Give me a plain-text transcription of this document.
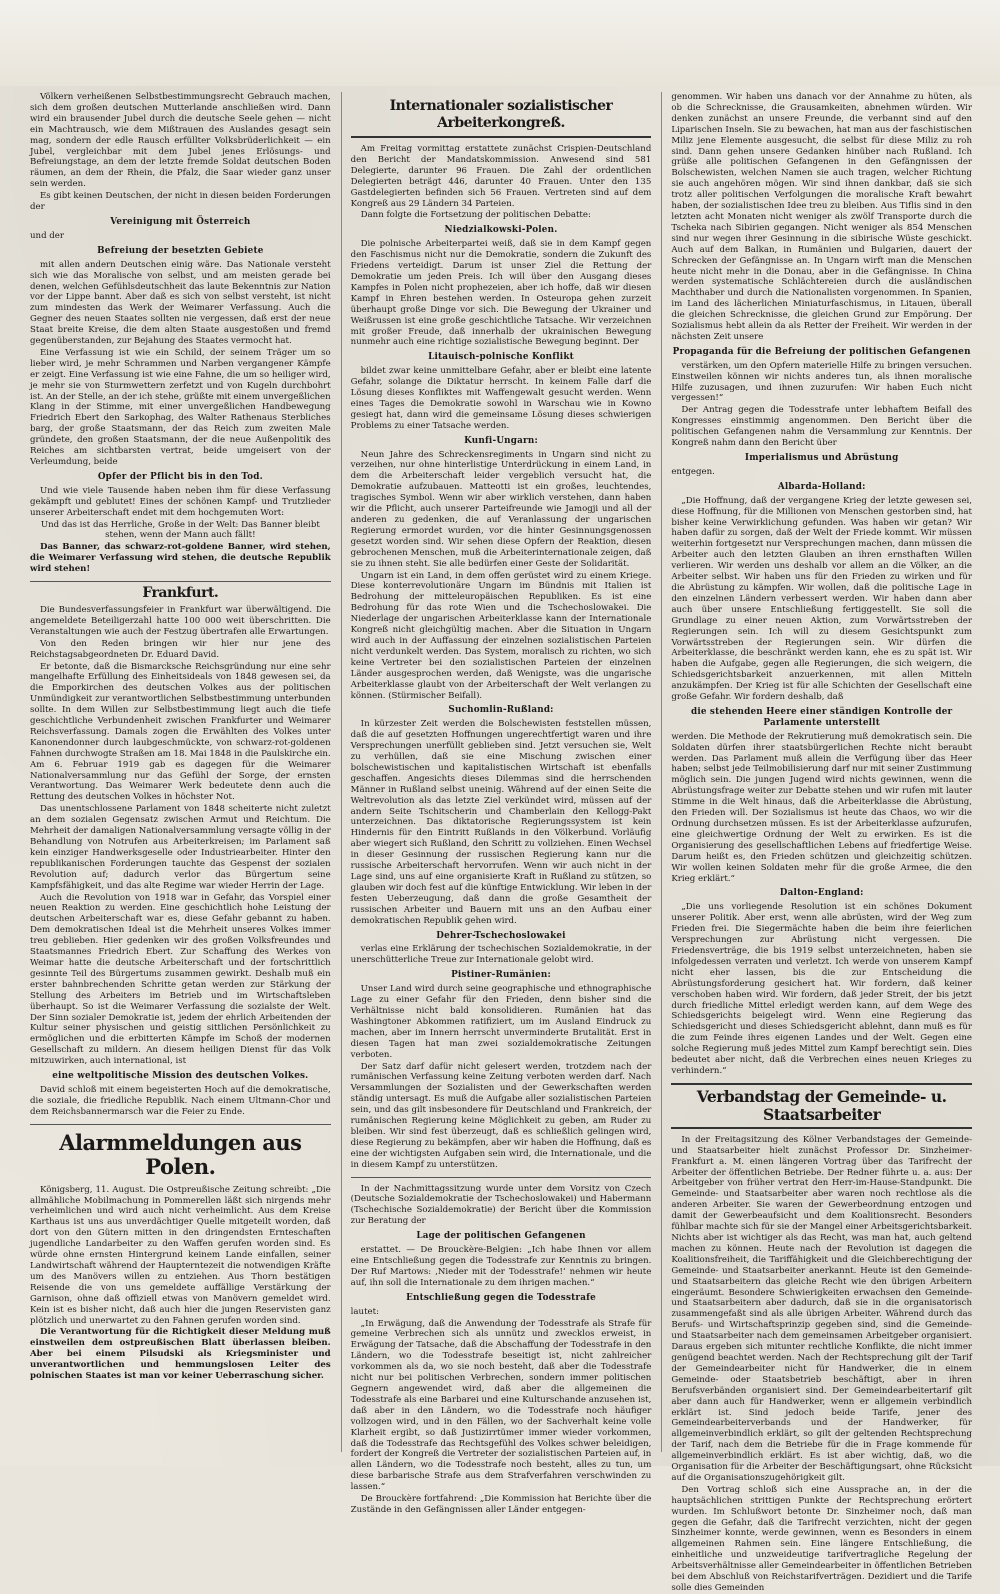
Völkern verheißenen Selbstbestimmungsrecht Gebrauch machen, sich dem großen deutschen Mutterlande anschließen wird. Dann wird ein brausender Jubel durch die deutsche Seele gehen — nicht ein Machtrausch, wie dem Mißtrauen des Auslandes gesagt sein mag, sondern der edle Rausch erfüllter Volksbrüderlichkeit — ein Jubel, vergleichbar mit dem Jubel jenes Erlösungs- und Befreiungstage, an dem der letzte fremde Soldat deutschen Boden räumen, an dem der Rhein, die Pfalz, die Saar wieder ganz unser sein werden.

Es gibt keinen Deutschen, der nicht in diesen beiden Forderungen der

Vereinigung mit Österreich

und der

Befreiung der besetzten Gebiete

mit allen andern Deutschen einig wäre. Das Nationale versteht sich wie das Moralische von selbst, und am meisten gerade bei denen, welchen Gefühlsdeutschheit das laute Bekenntnis zur Nation vor der Lippe bannt. Aber daß es sich von selbst versteht, ist nicht zum mindesten das Werk der Weimarer Verfassung. Auch die Gegner des neuen Staates sollten nie vergessen, daß erst der neue Staat breite Kreise, die dem alten Staate ausgestoßen und fremd gegenüberstanden, zur Bejahung des Staates vermocht hat.

Eine Verfassung ist wie ein Schild, der seinem Träger um so lieber wird, je mehr Schrammen und Narben vergangener Kämpfe er zeigt. Eine Verfassung ist wie eine Fahne, die um so heiliger wird, je mehr sie von Sturmwettern zerfetzt und von Kugeln durchbohrt ist. An der Stelle, an der ich stehe, grüßte mit einem unvergeßlichen Klang in der Stimme, mit einer unvergeßlichen Handbewegung Friedrich Ebert den Sarkophag, des Walter Rathenaus Sterbliches barg, der große Staatsmann, der das Reich zum zweiten Male gründete, den großen Staatsmann, der die neue Außenpolitik des Reiches am sichtbarsten vertrat, beide umgeisert von der Verleumdung, beide

Opfer der Pflicht bis in den Tod.

Und wie viele Tausende haben neben ihm für diese Verfassung gekämpft und geblutet! Eines der schönen Kampf- und Trutzlieder unserer Arbeiterschaft endet mit dem hochgemuten Wort:

Und das ist das Herrliche, Große in der Welt: Das Banner bleibt stehen, wenn der Mann auch fällt!

Das Banner, das schwarz-rot-goldene Banner, wird stehen, die Weimarer Verfassung wird stehen, die deutsche Republik wird stehen!

Frankfurt.

Die Bundesverfassungsfeier in Frankfurt war überwältigend. Die angemeldete Beteiligerzahl hatte 100 000 weit überschritten. Die Veranstaltungen wie auch der Festzug übertrafen alle Erwartungen.

Von den Reden bringen wir hier nur jene des Reichstagsabgeordneten Dr. Eduard David.

Er betonte, daß die Bismarcksche Reichsgründung nur eine sehr mangelhafte Erfüllung des Einheitsideals von 1848 gewesen sei, da die Emporkirchen des deutschen Volkes aus der politischen Unmündigkeit zur verantwortlichen Selbstbestimmung unterbunden sollte. In dem Willen zur Selbstbestimmung liegt auch die tiefe geschichtliche Verbundenheit zwischen Frankfurter und Weimarer Reichsverfassung. Damals zogen die Erwählten des Volkes unter Kanonendonner durch laubgeschmückte, von schwarz-rot-goldenen Fahnen durchwogte Straßen am 18. Mai 1848 in die Paulskirche ein. Am 6. Februar 1919 gab es dagegen für die Weimarer Nationalversammlung nur das Gefühl der Sorge, der ernsten Verantwortung. Das Weimarer Werk bedeutete denn auch die Rettung des deutschen Volkes in höchster Not.

Das unentschlossene Parlament von 1848 scheiterte nicht zuletzt an dem sozialen Gegensatz zwischen Armut und Reichtum. Die Mehrheit der damaligen Nationalversammlung versagte völlig in der Behandlung von Notrufen aus Arbeiterkreisen; im Parlament saß kein einziger Handwerksgeselle oder Industriearbeiter. Hinter den republikanischen Forderungen tauchte das Gespenst der sozialen Revolution auf; dadurch verlor das Bürgertum seine Kampfsfähigkeit, und das alte Regime war wieder Herrin der Lage.

Auch die Revolution von 1918 war in Gefahr, das Vorspiel einer neuen Reaktion zu werden. Eine geschichtlich hohe Leistung der deutschen Arbeiterschaft war es, diese Gefahr gebannt zu haben. Dem demokratischen Ideal ist die Mehrheit unseres Volkes immer treu geblieben. Hier gedenken wir des großen Volksfreundes und Staatsmannes Friedrich Ebert. Zur Schaffung des Werkes von Weimar hatte die deutsche Arbeiterschaft und der fortschrittlich gesinnte Teil des Bürgertums zusammen gewirkt. Deshalb muß ein erster bahnbrechenden Schritte getan werden zur Stärkung der Stellung des Arbeiters im Betrieb und im Wirtschaftsleben überhaupt. So ist die Weimarer Verfassung die sozialste der Welt. Der Sinn sozialer Demokratie ist, jedem der ehrlich Arbeitenden der Kultur seiner physischen und geistig sittlichen Persönlichkeit zu ermöglichen und die erbitterten Kämpfe im Schoß der modernen Gesellschaft zu mildern. An diesem heiligen Dienst für das Volk mitzuwirken, auch international, ist

eine weltpolitische Mission des deutschen Volkes.

David schloß mit einem begeisterten Hoch auf die demokratische, die soziale, die friedliche Republik. Nach einem Ultmann-Chor und dem Reichsbannermarsch war die Feier zu Ende.

Alarmmeldungen aus Polen.

Königsberg, 11. August. Die Ostpreußische Zeitung schreibt: „Die allmähliche Mobilmachung in Pommerellen läßt sich nirgends mehr verheimlichen und wird auch nicht verheimlicht. Aus dem Kreise Karthaus ist uns aus unverdächtiger Quelle mitgeteilt worden, daß dort von den Gütern mitten in den dringendsten Ernteschaften jugendliche Landarbeiter zu den Waffen gerufen worden sind. Es würde ohne ernsten Hintergrund keinem Lande einfallen, seiner Landwirtschaft während der Haupterntezeit die notwendigen Kräfte um des Manövers willen zu entziehen. Aus Thorn bestätigen Reisende die von uns gemeldete auffällige Verstärkung der Garnison, ohne daß offiziell etwas von Manövern gemeldet wird. Kein ist es bisher nicht, daß auch hier die jungen Reservisten ganz plötzlich und unerwartet zu den Fahnen gerufen worden sind.

Die Verantwortung für die Richtigkeit dieser Meldung muß einstweilen dem ostpreußischen Blatt überlassen bleiben. Aber bei einem Pilsudski als Kriegsminister und unverantwortlichen und hemmungslosen Leiter des polnischen Staates ist man vor keiner Ueberraschung sicher.

Internationaler sozialistischer Arbeiterkongreß.

Am Freitag vormittag erstattete zunächst Crispien-Deutschland den Bericht der Mandatskommission. Anwesend sind 581 Delegierte, darunter 96 Frauen. Die Zahl der ordentlichen Delegierten beträgt 446, darunter 40 Frauen. Unter den 135 Gastdelegierten befinden sich 56 Frauen. Vertreten sind auf dem Kongreß aus 29 Ländern 34 Parteien.

Dann folgte die Fortsetzung der politischen Debatte:

Niedzialkowski-Polen.

Die polnische Arbeiterpartei weiß, daß sie in dem Kampf gegen den Faschismus nicht nur die Demokratie, sondern die Zukunft des Friedens verteidigt. Darum ist unser Ziel die Rettung der Demokratie um jeden Preis. Ich will über den Ausgang dieses Kampfes in Polen nicht prophezeien, aber ich hoffe, daß wir diesen Kampf in Ehren bestehen werden. In Osteuropa gehen zurzeit überhaupt große Dinge vor sich. Die Bewegung der Ukrainer und Weißrussen ist eine große geschichtliche Tatsache. Wir verzeichnen mit großer Freude, daß innerhalb der ukrainischen Bewegung nunmehr auch eine richtige sozialistische Bewegung beginnt. Der

Litauisch-polnische Konflikt

bildet zwar keine unmittelbare Gefahr, aber er bleibt eine latente Gefahr, solange die Diktatur herrscht. In keinem Falle darf die Lösung dieses Konfliktes mit Waffengewalt gesucht werden. Wenn eines Tages die Demokratie sowohl in Warschau wie in Kowno gesiegt hat, dann wird die gemeinsame Lösung dieses schwierigen Problems zu einer Tatsache werden.

Kunfi-Ungarn:

Neun Jahre des Schreckensregiments in Ungarn sind nicht zu verzeihen, nur ohne hinterlistige Unterdrückung in einem Land, in dem die Arbeiterschaft leider vergeblich versucht hat, die Demokratie aufzubauen. Matteotti ist ein großes, leuchtendes, tragisches Symbol. Wenn wir aber wirklich verstehen, dann haben wir die Pflicht, auch unserer Parteifreunde wie Jamogji und all der anderen zu gedenken, die auf Veranlassung der ungarischen Regierung ermordet wurden, vor die hinter Gesinnungsgenossen gesetzt worden sind. Wir sehen diese Opfern der Reaktion, diesen gebrochenen Menschen, muß die Arbeiterinternationale zeigen, daß sie zu ihnen steht. Sie alle bedürfen einer Geste der Solidarität.

Ungarn ist ein Land, in dem offen gerüstet wird zu einem Kriege. Diese konterrevolutionäre Ungarn im Bündnis mit Italien ist Bedrohung der mitteleuropäischen Republiken. Es ist eine Bedrohung für das rote Wien und die Tschechoslowakei. Die Niederlage der ungarischen Arbeiterklasse kann der Internationale Kongreß nicht gleichgültig machen. Aber die Situation in Ungarn wird auch in der Auffassung der einzelnen sozialistischen Parteien nicht verdunkelt werden. Das System, moralisch zu richten, wo sich keine Vertreter bei den sozialistischen Parteien der einzelnen Länder ausgesprochen werden, daß Wenigste, was die ungarische Arbeiterklasse glaubt von der Arbeiterschaft der Welt verlangen zu können. (Stürmischer Beifall).

Suchomlin-Rußland:

In kürzester Zeit werden die Bolschewisten feststellen müssen, daß die auf gesetzten Hoffnungen ungerechtfertigt waren und ihre Versprechungen unerfüllt geblieben sind. Jetzt versuchen sie, Welt zu verhüllen, daß sie eine Mischung zwischen einer bolschewistischen und kapitalistischen Wirtschaft ist ebenfalls geschaffen. Angesichts dieses Dilemmas sind die herrschenden Männer in Rußland selbst uneinig. Während auf der einen Seite die Weltrevolution als das letzte Ziel verkündet wird, müssen auf der andern Seite Tschitscherin und Chamberlain den Kellogg-Pakt unterzeichnen. Das diktatorische Regierungssystem ist kein Hindernis für den Eintritt Rußlands in den Völkerbund. Vorläufig aber wiegert sich Rußland, den Schritt zu vollziehen. Einen Wechsel in dieser Gesinnung der russischen Regierung kann nur die russische Arbeiterschaft hervorrufen. Wenn wir auch nicht in der Lage sind, uns auf eine organisierte Kraft in Rußland zu stützen, so glauben wir doch fest auf die künftige Entwicklung. Wir leben in der festen Ueberzeugung, daß dann die große Gesamtheit der russischen Arbeiter und Bauern mit uns an den Aufbau einer demokratischen Republik gehen wird.

Dehrer-Tschechoslowakei

verlas eine Erklärung der tschechischen Sozialdemokratie, in der unerschütterliche Treue zur Internationale gelobt wird.

Pistiner-Rumänien:

Unser Land wird durch seine geographische und ethnographische Lage zu einer Gefahr für den Frieden, denn bisher sind die Verhältnisse nicht bald konsolidieren. Rumänien hat das Washingtoner Abkommen ratifiziert, um im Ausland Eindruck zu machen, aber im Innern herrscht unverminderte Brutalität. Erst in diesen Tagen hat man zwei sozialdemokratische Zeitungen verboten.

Der Satz darf dafür nicht gelesert werden, trotzdem nach der rumänischen Verfassung keine Zeitung verboten werden darf. Nach Versammlungen der Sozialisten und der Gewerkschaften werden ständig untersagt. Es muß die Aufgabe aller sozialistischen Parteien sein, und das gilt insbesondere für Deutschland und Frankreich, der rumänischen Regierung keine Möglichkeit zu geben, am Ruder zu bleiben. Wir sind fest überzeugt, daß es schließlich gelingen wird, diese Regierung zu bekämpfen, aber wir haben die Hoffnung, daß es eine der wichtigsten Aufgaben sein wird, die Internationale, und die in diesem Kampf zu unterstützen.

In der Nachmittagssitzung wurde unter dem Vorsitz von Czech (Deutsche Sozialdemokratie der Tschechoslowakei) und Habermann (Tschechische Sozialdemokratie) der Bericht über die Kommission zur Beratung der

Lage der politischen Gefangenen

erstattet. — De Brouckère-Belgien: „Ich habe Ihnen vor allem eine Entschließung gegen die Todesstrafe zur Kenntnis zu bringen. Der Ruf Martows: ‚Nieder mit der Todesstrafe!‘ nehmen wir heute auf, ihn soll die Internationale zu dem ihrigen machen.“

Entschließung gegen die Todesstrafe

lautet:

„In Erwägung, daß die Anwendung der Todesstrafe als Strafe für gemeine Verbrechen sich als unnütz und zwecklos erweist, in Erwägung der Tatsache, daß die Abschaffung der Todesstrafe in den Ländern, wo die Todesstrafe beseitigt ist, nicht zahlreicher vorkommen als da, wo sie noch besteht, daß aber die Todesstrafe nicht nur bei politischen Verbrechen, sondern immer politischen Gegnern angewendet wird, daß aber die allgemeinen die Todesstrafe als eine Barbarei und eine Kulturschande anzusehen ist, daß aber in den Ländern, wo die Todesstrafe noch häufiger vollzogen wird, und in den Fällen, wo der Sachverhalt keine volle Klarheit ergibt, so daß Justizirrtümer immer wieder vorkommen, daß die Todesstrafe das Rechtsgefühl des Volkes schwer beleidigen, fordert der Kongreß die Vertreter der sozialistischen Parteien auf, in allen Ländern, wo die Todesstrafe noch besteht, alles zu tun, um diese barbarische Strafe aus dem Strafverfahren verschwinden zu lassen.“

De Brouckère fortfahrend: „Die Kommission hat Berichte über die Zustände in den Gefängnissen aller Länder entgegen-

genommen. Wir haben uns danach vor der Annahme zu hüten, als ob die Schrecknisse, die Grausamkeiten, abnehmen würden. Wir denken zunächst an unsere Freunde, die verbannt sind auf den Liparischen Inseln. Sie zu bewachen, hat man aus der faschistischen Miliz jene Elemente ausgesucht, die selbst für diese Miliz zu roh sind. Dann gehen unsere Gedanken hinüber nach Rußland. Ich grüße alle politischen Gefangenen in den Gefängnissen der Bolschewisten, welchen Namen sie auch tragen, welcher Richtung sie auch angehören mögen. Wir sind ihnen dankbar, daß sie sich trotz aller politischen Verfolgungen die moralische Kraft bewahrt haben, der sozialistischen Idee treu zu bleiben. Aus Tiflis sind in den letzten acht Monaten nicht weniger als zwölf Transporte durch die Tscheka nach Sibirien gegangen. Nicht weniger als 854 Menschen sind nur wegen ihrer Gesinnung in die sibirische Wüste geschickt. Auch auf dem Balkan, in Rumänien und Bulgarien, dauert der Schrecken der Gefängnisse an. In Ungarn wirft man die Menschen heute nicht mehr in die Donau, aber in die Gefängnisse. In China werden systematische Schlächtereien durch die ausländischen Machthaber und durch die Nationalisten vorgenommen. In Spanien, im Land des lächerlichen Miniaturfaschismus, in Litauen, überall die gleichen Schrecknisse, die gleichen Grund zur Empörung. Der Sozialismus hebt allein da als Retter der Freiheit. Wir werden in der nächsten Zeit unsere

Propaganda für die Befreiung der politischen Gefangenen

verstärken, um den Opfern materielle Hilfe zu bringen versuchen. Einstweilen können wir nichts anderes tun, als ihnen moralische Hilfe zuzusagen, und ihnen zuzurufen: Wir haben Euch nicht vergessen!“

Der Antrag gegen die Todesstrafe unter lebhaftem Beifall des Kongresses einstimmig angenommen. Den Bericht über die politischen Gefangenen nahm die Versammlung zur Kenntnis. Der Kongreß nahm dann den Bericht über

Imperialismus und Abrüstung

entgegen.

Albarda-Holland:

„Die Hoffnung, daß der vergangene Krieg der letzte gewesen sei, diese Hoffnung, für die Millionen von Menschen gestorben sind, hat bisher keine Verwirklichung gefunden. Was haben wir getan? Wir haben dafür zu sorgen, daß der Welt der Friede kommt. Wir müssen weiterhin fortgesetzt nur Versprechungen machen, dann müssen die Arbeiter auch den letzten Glauben an ihren ernsthaften Willen verlieren. Wir werden uns deshalb vor allem an die Völker, an die Arbeiter selbst. Wir haben uns für den Frieden zu wirken und für die Abrüstung zu kämpfen. Wir wollen, daß die politische Lage in den einzelnen Ländern verbessert werden. Wir haben dann aber auch über unsere Entschließung fertiggestellt. Sie soll die Grundlage zu einer neuen Aktion, zum Vorwärtsstreben der Regierungen sein. Ich will zu diesem Gesichtspunkt zum Vorwärtsstreben der Regierungen sein. Wir dürfen die Arbeiterklasse, die beschränkt werden kann, ehe es zu spät ist. Wir haben die Aufgabe, gegen alle Regierungen, die sich weigern, die Schiedsgerichtsbarkeit anzuerkennen, mit allen Mitteln anzukämpfen. Der Krieg ist für alle Schichten der Gesellschaft eine große Gefahr. Wir fordern deshalb, daß

die stehenden Heere einer ständigen Kontrolle der Parlamente unterstellt

werden. Die Methode der Rekrutierung muß demokratisch sein. Die Soldaten dürfen ihrer staatsbürgerlichen Rechte nicht beraubt werden. Das Parlament muß allein die Verfügung über das Heer haben; selbst jede Teilmobilisierung darf nur mit seiner Zustimmung möglich sein. Die jungen Jugend wird nichts gewinnen, wenn die Abrüstungsfrage weiter zur Debatte stehen und wir rufen mit lauter Stimme in die Welt hinaus, daß die Arbeiterklasse die Abrüstung, den Frieden will. Der Sozialismus ist heute das Chaos, wo wir die Ordnung durchsetzen müssen. Es ist der Arbeiterklasse aufzurufen, eine gleichwertige Ordnung der Welt zu erwirken. Es ist die Organisierung des gesellschaftlichen Lebens auf friedfertige Weise. Darum heißt es, den Frieden schützen und gleichzeitig schützen. Wir wollen keinen Soldaten mehr für die große Armee, die den Krieg erklärt.“

Dalton-England:

„Die uns vorliegende Resolution ist ein schönes Dokument unserer Politik. Aber erst, wenn alle abrüsten, wird der Weg zum Frieden frei. Die Siegermächte haben die beim ihre feierlichen Versprechungen zur Abrüstung nicht vergessen. Die Friedensverträge, die bis 1919 selbst unterzeichneten, haben sie infolgedessen verraten und verletzt. Ich werde von unserem Kampf nicht eher lassen, bis die zur Entscheidung die Abrüstungsforderung gesichert hat. Wir fordern, daß keiner verschoben haben wird. Wir fordern, daß jeder Streit, der bis jetzt durch friedliche Mittel erledigt werden kann, auf dem Wege des Schiedsgerichts beigelegt wird. Wenn eine Regierung das Schiedsgericht und dieses Schiedsgericht ablehnt, dann muß es für die zum Feinde ihres eigenen Landes und der Welt. Gegen eine solche Regierung muß jedes Mittel zum Kampf berechtigt sein. Dies bedeutet aber nicht, daß die Verbrechen eines neuen Krieges zu verhindern.“

Verbandstag der Gemeinde- u. Staatsarbeiter

In der Freitagsitzung des Kölner Verbandstages der Gemeinde- und Staatsarbeiter hielt zunächst Professor Dr. Sinzheimer-Frankfurt a. M. einen längeren Vortrag über das Tarifrecht der Arbeiter der öffentlichen Betriebe. Der Redner führte u. a. aus: Der Arbeitgeber von früher vertrat den Herr-im-Hause-Standpunkt. Die Gemeinde- und Staatsarbeiter aber waren noch rechtlose als die anderen Arbeiter. Sie waren der Gewerbeordnung entzogen und damit der Gewerbeaufsicht und dem Koalitionsrecht. Besonders fühlbar machte sich für sie der Mangel einer Arbeitsgerichtsbarkeit. Nichts aber ist wichtiger als das Recht, was man hat, auch geltend machen zu können. Heute nach der Revolution ist dagegen die Koalitionsfreiheit, die Tariffähigkeit und die Gleichberechtigung der Gemeinde- und Staatsarbeiter anerkannt. Heute ist den Gemeinde- und Staatsarbeitern das gleiche Recht wie den übrigen Arbeitern eingeräumt. Besondere Schwierigkeiten erwachsen den Gemeinde- und Staatsarbeitern aber dadurch, daß sie in die organisatorisch zusammengefaßt sind als alle übrigen Arbeiter. Während durch das Berufs- und Wirtschaftsprinzip gegeben sind, sind die Gemeinde- und Staatsarbeiter nach dem gemeinsamen Arbeitgeber organisiert. Daraus ergeben sich mitunter rechtliche Konflikte, die nicht immer genügend beachtet werden. Nach der Rechtsprechung gilt der Tarif der Gemeindearbeiter nicht für Handwerker, die in einem Gemeinde- oder Staatsbetrieb beschäftigt, aber in ihren Berufsverbänden organisiert sind. Der Gemeindearbeitertarif gilt aber dann auch für Handwerker, wenn er allgemein verbindlich erklärt ist. Sind jedoch beide Tarife, jener des Gemeindearbeiterverbands und der Handwerker, für allgemeinverbindlich erklärt, so gilt der geltenden Rechtsprechung der Tarif, nach dem die Betriebe für die in Frage kommende für allgemeinverbindlich erklärt. Es ist aber wichtig, daß, wo die Organisation für die Arbeiter der Beschäftigungsart, ohne Rücksicht auf die Organisationszugehörigkeit gilt.

Den Vortrag schloß sich eine Aussprache an, in der die hauptsächlichen strittigen Punkte der Rechtsprechung erörtert wurden. Im Schlußwort betonte Dr. Sinzheimer noch, daß man gegen die Gefahr, daß die Tarifrecht verzichten, nicht der gegen Sinzheimer konnte, werde gewinnen, wenn es Besonders in einem allgemeinen Rahmen sein. Eine längere Entschließung, die einheitliche und unzweideutige tarifvertragliche Regelung der Arbeitsverhältnisse aller Gemeindearbeiter in öffentlichen Betrieben bei dem Abschluß von Reichstarifverträgen. Dezidiert und die Tarife solle dies Gemeinden
